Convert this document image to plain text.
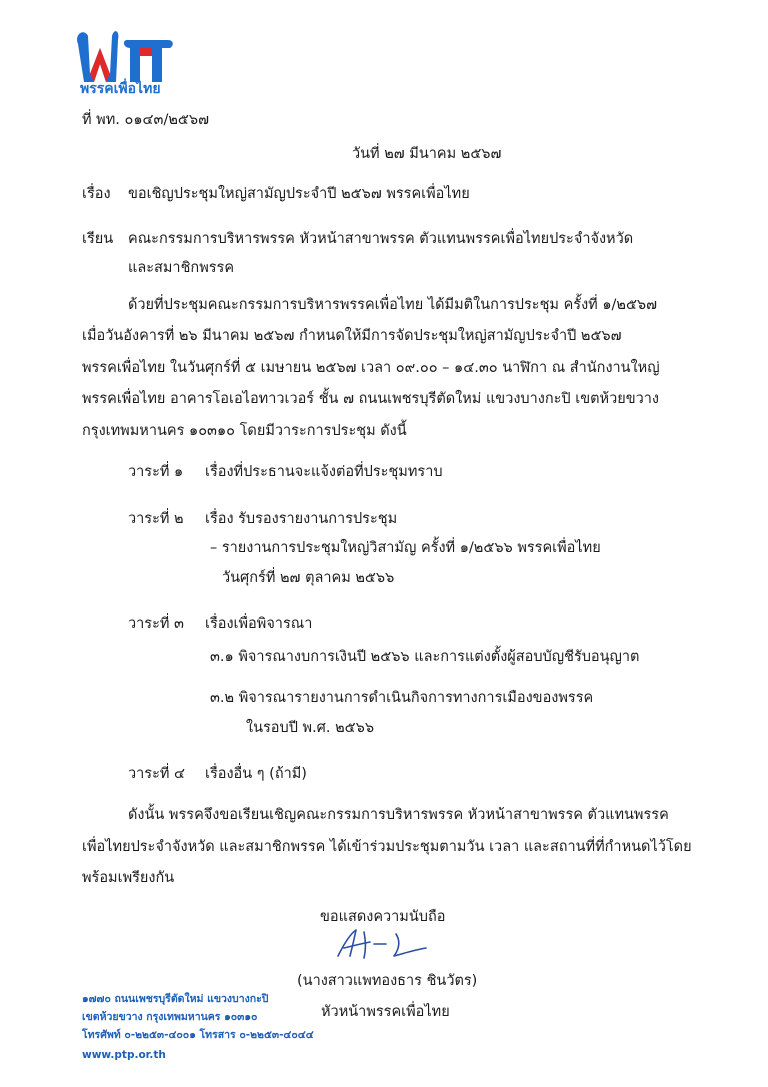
พรรคเพื่อไทย
ที่ พท. ๐๑๔๓/๒๕๖๗
วันที่ ๒๗ มีนาคม ๒๕๖๗
เรื่อง ขอเชิญประชุมใหญ่สามัญประจำปี ๒๕๖๗ พรรคเพื่อไทย
เรียน คณะกรรมการบริหารพรรค หัวหน้าสาขาพรรค ตัวแทนพรรคเพื่อไทยประจำจังหวัด
และสมาชิกพรรค
ด้วยที่ประชุมคณะกรรมการบริหารพรรคเพื่อไทย ได้มีมติในการประชุม ครั้งที่ ๑/๒๕๖๗
เมื่อวันอังคารที่ ๒๖ มีนาคม ๒๕๖๗ กำหนดให้มีการจัดประชุมใหญ่สามัญประจำปี ๒๕๖๗
พรรคเพื่อไทย ในวันศุกร์ที่ ๕ เมษายน ๒๕๖๗ เวลา ๐๙.๐๐ – ๑๔.๓๐ นาฬิกา ณ สำนักงานใหญ่
พรรคเพื่อไทย อาคารโอเอไอทาวเวอร์ ชั้น ๗ ถนนเพชรบุรีตัดใหม่ แขวงบางกะปิ เขตห้วยขวาง
กรุงเทพมหานคร ๑๐๓๑๐ โดยมีวาระการประชุม ดังนี้
วาระที่ ๑ เรื่องที่ประธานจะแจ้งต่อที่ประชุมทราบ
วาระที่ ๒ เรื่อง รับรองรายงานการประชุม
– รายงานการประชุมใหญ่วิสามัญ ครั้งที่ ๑/๒๕๖๖ พรรคเพื่อไทย
วันศุกร์ที่ ๒๗ ตุลาคม ๒๕๖๖
วาระที่ ๓ เรื่องเพื่อพิจารณา
๓.๑ พิจารณางบการเงินปี ๒๕๖๖ และการแต่งตั้งผู้สอบบัญชีรับอนุญาต
๓.๒ พิจารณารายงานการดำเนินกิจการทางการเมืองของพรรค
ในรอบปี พ.ศ. ๒๕๖๖
วาระที่ ๔ เรื่องอื่น ๆ (ถ้ามี)
ดังนั้น พรรคจึงขอเรียนเชิญคณะกรรมการบริหารพรรค หัวหน้าสาขาพรรค ตัวแทนพรรค
เพื่อไทยประจำจังหวัด และสมาชิกพรรค ได้เข้าร่วมประชุมตามวัน เวลา และสถานที่ที่กำหนดไว้โดย
พร้อมเพรียงกัน
ขอแสดงความนับถือ
(นางสาวแพทองธาร ชินวัตร)
หัวหน้าพรรคเพื่อไทย
๑๗๗๐ ถนนเพชรบุรีตัดใหม่ แขวงบางกะปิ
เขตห้วยขวาง กรุงเทพมหานคร ๑๐๓๑๐
โทรศัพท์ ๐-๒๒๕๓-๔๐๐๑ โทรสาร ๐-๒๒๕๓-๔๐๔๔
www.ptp.or.th
